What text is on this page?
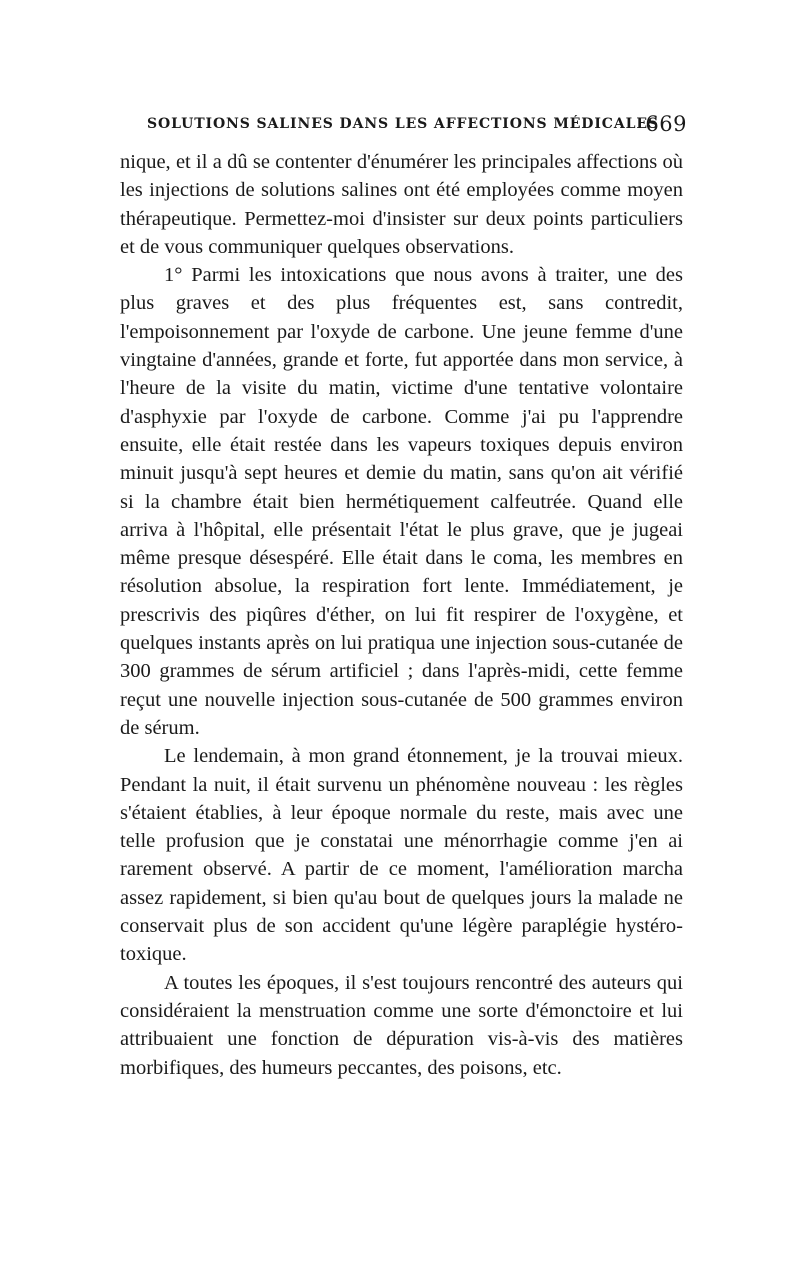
SOLUTIONS SALINES DANS LES AFFECTIONS MÉDICALES
669

nique, et il a dû se contenter d'énumérer les principales affections où les injections de solutions salines ont été employées comme moyen thérapeutique. Permettez-moi d'insister sur deux points particuliers et de vous communiquer quelques observations.

1° Parmi les intoxications que nous avons à traiter, une des plus graves et des plus fréquentes est, sans contredit, l'empoisonnement par l'oxyde de carbone. Une jeune femme d'une vingtaine d'années, grande et forte, fut apportée dans mon service, à l'heure de la visite du matin, victime d'une tentative volontaire d'asphyxie par l'oxyde de carbone. Comme j'ai pu l'apprendre ensuite, elle était restée dans les vapeurs toxiques depuis environ minuit jusqu'à sept heures et demie du matin, sans qu'on ait vérifié si la chambre était bien hermétiquement calfeutrée. Quand elle arriva à l'hôpital, elle présentait l'état le plus grave, que je jugeai même presque désespéré. Elle était dans le coma, les membres en résolution absolue, la respiration fort lente. Immédiatement, je prescrivis des piqûres d'éther, on lui fit respirer de l'oxygène, et quelques instants après on lui pratiqua une injection sous-cutanée de 300 grammes de sérum artificiel ; dans l'après-midi, cette femme reçut une nouvelle injection sous-cutanée de 500 grammes environ de sérum.

Le lendemain, à mon grand étonnement, je la trouvai mieux. Pendant la nuit, il était survenu un phénomène nouveau : les règles s'étaient établies, à leur époque normale du reste, mais avec une telle profusion que je constatai une ménorrhagie comme j'en ai rarement observé. A partir de ce moment, l'amélioration marcha assez rapidement, si bien qu'au bout de quelques jours la malade ne conservait plus de son accident qu'une légère paraplégie hystéro-toxique.

A toutes les époques, il s'est toujours rencontré des auteurs qui considéraient la menstruation comme une sorte d'émonctoire et lui attribuaient une fonction de dépuration vis-à-vis des matières morbifiques, des humeurs peccantes, des poisons, etc.
